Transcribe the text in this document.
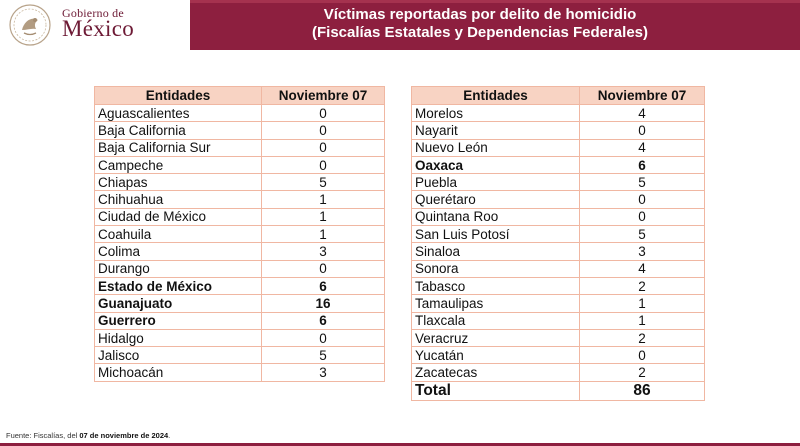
Gobierno de
México
Víctimas reportadas por delito de homicidio
(Fiscalías Estatales y Dependencias Federales)
Entidades	Noviembre 07
Aguascalientes	0
Baja California	0
Baja California Sur	0
Campeche	0
Chiapas	5
Chihuahua	1
Ciudad de México	1
Coahuila	1
Colima	3
Durango	0
Estado de México	6
Guanajuato	16
Guerrero	6
Hidalgo	0
Jalisco	5
Michoacán	3
Entidades	Noviembre 07
Morelos	4
Nayarit	0
Nuevo León	4
Oaxaca	6
Puebla	5
Querétaro	0
Quintana Roo	0
San Luis Potosí	5
Sinaloa	3
Sonora	4
Tabasco	2
Tamaulipas	1
Tlaxcala	1
Veracruz	2
Yucatán	0
Zacatecas	2
Total	86
Fuente: Fiscalías, del 07 de noviembre de 2024.
